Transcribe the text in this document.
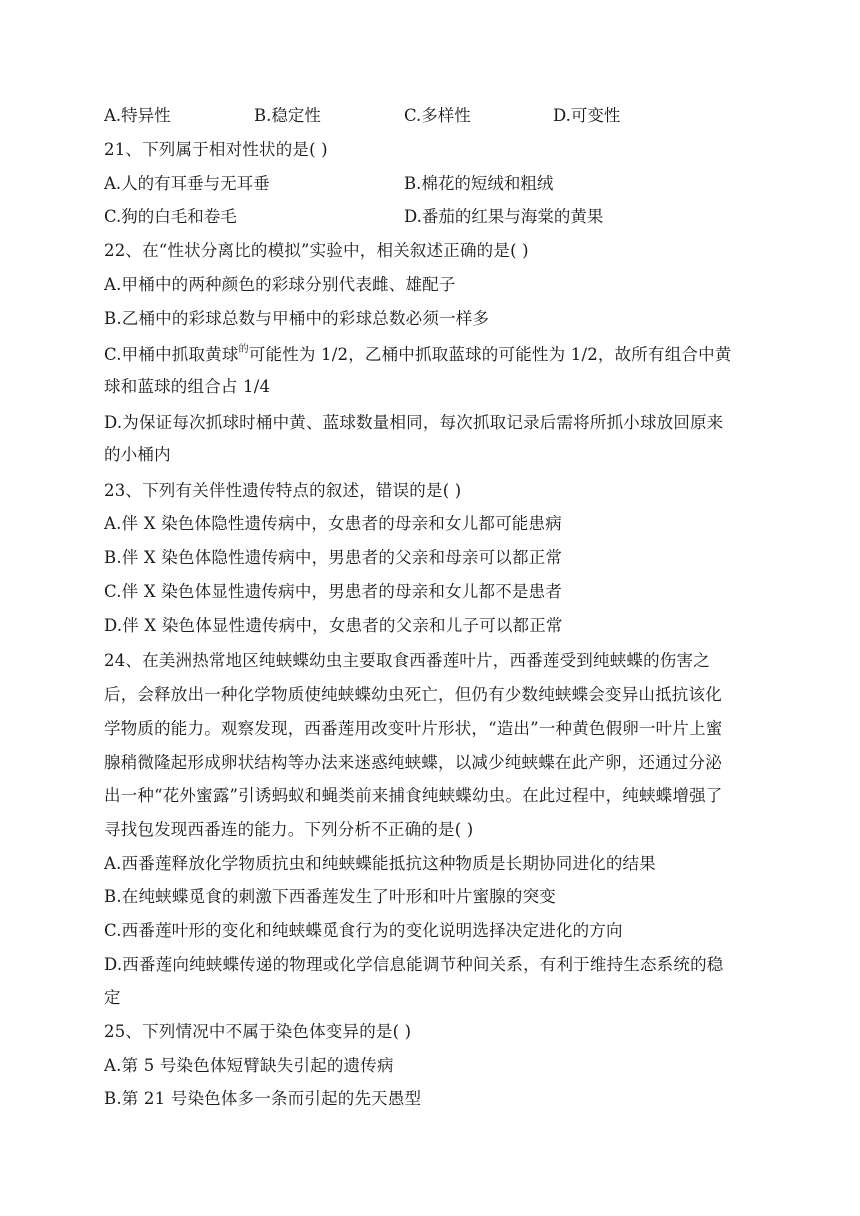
A.特异性	B.稳定性	C.多样性	D.可变性
21、下列属于相对性状的是( )
A.人的有耳垂与无耳垂	B.棉花的短绒和粗绒
C.狗的白毛和卷毛	D.番茄的红果与海棠的黄果
22、在“性状分离比的模拟”实验中，相关叙述正确的是( )
A.甲桶中的两种颜色的彩球分别代表雌、雄配子
B.乙桶中的彩球总数与甲桶中的彩球总数必须一样多
C.甲桶中抓取黄球$^的$可能性为 1/2，乙桶中抓取蓝球的可能性为 1/2，故所有组合中黄
球和蓝球的组合占 1/4
D.为保证每次抓球时桶中黄、蓝球数量相同，每次抓取记录后需将所抓小球放回原来
的小桶内
23、下列有关伴性遗传特点的叙述，错误的是( )
A.伴 X 染色体隐性遗传病中，女患者的母亲和女儿都可能患病
B.伴 X 染色体隐性遗传病中，男患者的父亲和母亲可以都正常
C.伴 X 染色体显性遗传病中，男患者的母亲和女儿都不是患者
D.伴 X 染色体显性遗传病中，女患者的父亲和儿子可以都正常
24、在美洲热常地区纯蛱蝶幼虫主要取食西番莲叶片，西番莲受到纯蛱蝶的伤害之
后，会释放出一种化学物质使纯蛱蝶幼虫死亡，但仍有少数纯蛱蝶会变异山抵抗该化
学物质的能力。观察发现，西番莲用改变叶片形状，“造出”一种黄色假卵一叶片上蜜
腺稍微隆起形成卵状结构等办法来迷惑纯蛱蝶，以减少纯蛱蝶在此产卵，还通过分泌
出一种“花外蜜露”引诱蚂蚁和蝇类前来捕食纯蛱蝶幼虫。在此过程中，纯蛱蝶增强了
寻找包发现西番连的能力。下列分析不正确的是( )
A.西番莲释放化学物质抗虫和纯蛱蝶能抵抗这种物质是长期协同进化的结果
B.在纯蛱蝶觅食的刺激下西番莲发生了叶形和叶片蜜腺的突变
C.西番莲叶形的变化和纯蛱蝶觅食行为的变化说明选择决定进化的方向
D.西番莲向纯蛱蝶传递的物理或化学信息能调节种间关系，有利于维持生态系统的稳
定
25、下列情况中不属于染色体变异的是( )
A.第 5 号染色体短臂缺失引起的遗传病
B.第 21 号染色体多一条而引起的先天愚型
